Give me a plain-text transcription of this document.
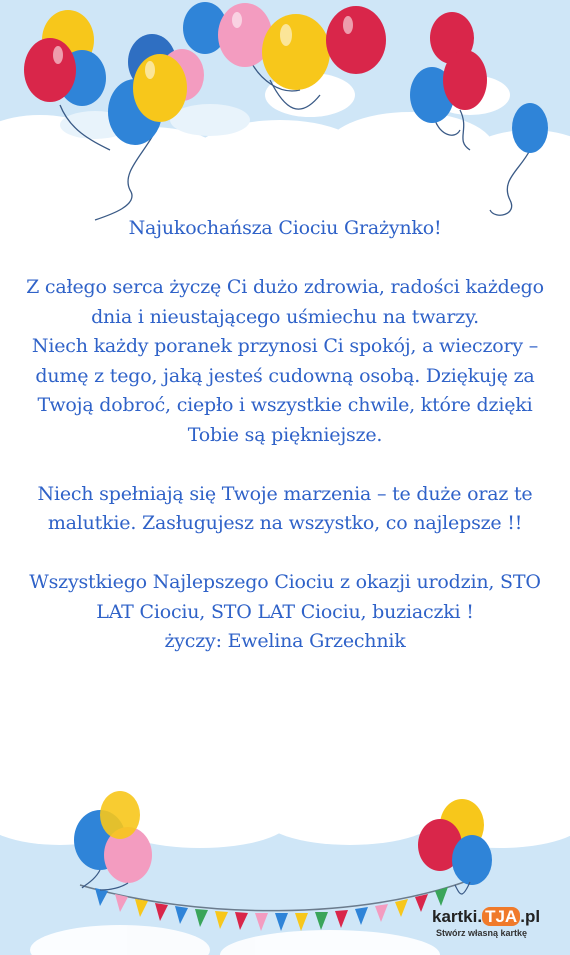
Najukochańsza Ciociu Grażynko!

Z całego serca życzę Ci dużo zdrowia, radości każdego

dnia i nieustającego uśmiechu na twarzy.

Niech każdy poranek przynosi Ci spokój, a wieczory –

dumę z tego, jaką jesteś cudowną osobą. Dziękuję za

Twoją dobroć, ciepło i wszystkie chwile, które dzięki

Tobie są piękniejsze.

Niech spełniają się Twoje marzenia – te duże oraz te

malutkie. Zasługujesz na wszystko, co najlepsze !!

Wszystkiego Najlepszego Ciociu z okazji urodzin, STO

LAT Ciociu, STO LAT Ciociu, buziaczki !

życzy: Ewelina Grzechnik

kartki. TJA .pl
Stwórz własną kartkę
